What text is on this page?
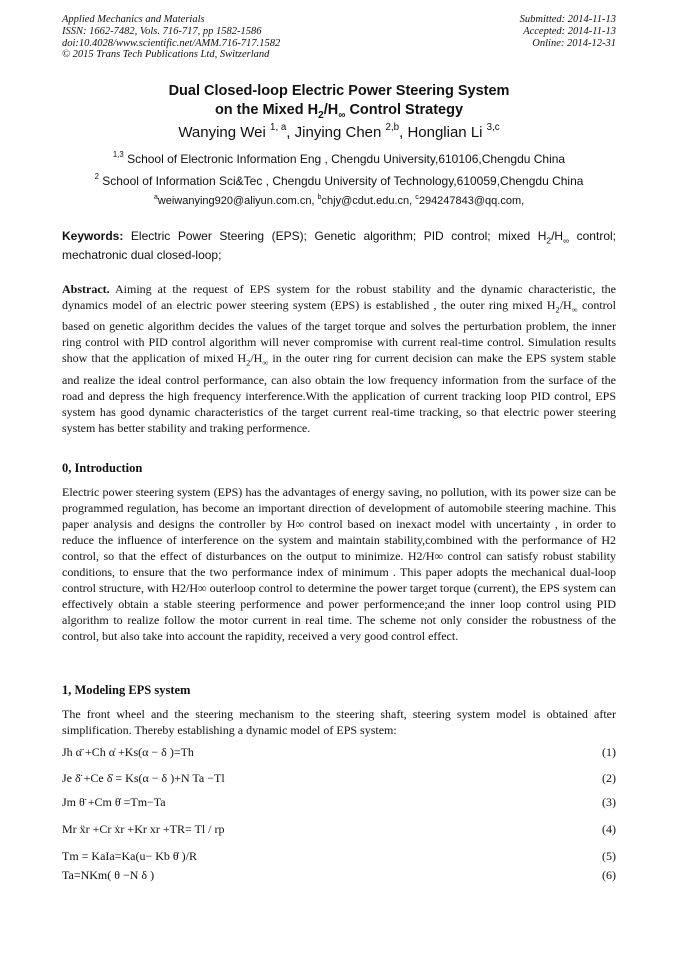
Applied Mechanics and Materials
ISSN: 1662-7482, Vols. 716-717, pp 1582-1586
doi:10.4028/www.scientific.net/AMM.716-717.1582
© 2015 Trans Tech Publications Ltd, Switzerland
Submitted: 2014-11-13
Accepted: 2014-11-13
Online: 2014-12-31
Dual Closed-loop Electric Power Steering System
on the Mixed $H_2/H_\infty$ Control Strategy
Wanying Wei $^{1, a}$, Jinying Chen $^{2,b}$, Honglian Li $^{3,c}$
$^{1,3}$ School of Electronic Information Eng , Chengdu University,610106,Chengdu China
$^2$ School of Information Sci&Tec , Chengdu University of Technology,610059,Chengdu China
$^a$weiwanying920@aliyun.com.cn, $^b$chjy@cdut.edu.cn, $^c$294247843@qq.com,
Keywords: Electric Power Steering (EPS); Genetic algorithm; PID control; mixed $H_2/H_\infty$ control; mechatronic dual closed-loop;
Abstract. Aiming at the request of EPS system for the robust stability and the dynamic characteristic, the dynamics model of an electric power steering system (EPS) is established , the outer ring mixed $H_2/H_\infty$ control based on genetic algorithm decides the values of the target torque and solves the perturbation problem, the inner ring control with PID control algorithm will never compromise with current real-time control. Simulation results show that the application of mixed $H_2/H_\infty$ in the outer ring for current decision can make the EPS system stable and realize the ideal control performance, can also obtain the low frequency information from the surface of the road and depress the high frequency interference.With the application of current tracking loop PID control, EPS system has good dynamic characteristics of the target current real-time tracking, so that electric power steering system has better stability and traking performence.
0, Introduction
Electric power steering system (EPS) has the advantages of energy saving, no pollution, with its power size can be programmed regulation, has become an important direction of development of automobile steering machine. This paper analysis and designs the controller by H∞ control based on inexact model with uncertainty , in order to reduce the influence of interference on the system and maintain stability,combined with the performance of H2 control, so that the effect of disturbances on the output to minimize. H2/H∞ control can satisfy robust stability conditions, to ensure that the two performance index of minimum . This paper adopts the mechanical dual-loop control structure, with H2/H∞ outerloop control to determine the power target torque (current), the EPS system can effectively obtain a stable steering performence and power performence;and the inner loop control using PID algorithm to realize follow the motor current in real time. The scheme not only consider the robustness of the control, but also take into account the rapidity, received a very good control effect.
1, Modeling EPS system
The front wheel and the steering mechanism to the steering shaft, steering system model is obtained after simplification. Thereby establishing a dynamic model of EPS system:
Jh α̈ +Ch α̇ +Ks(α − δ )=Th	(1)
Je δ̈ +Ce δ̇ = Ks(α − δ )+N Ta −Tl	(2)
Jm θ̈ +Cm θ̇ =Tm−Ta	(3)
Mr ẍr +Cr ẋr +Kr xr +TR= Tl / rp	(4)
Tm = KaIa=Ka(u− Kb θ̇ )/R	(5)
Ta=NKm( θ −N δ )	(6)
